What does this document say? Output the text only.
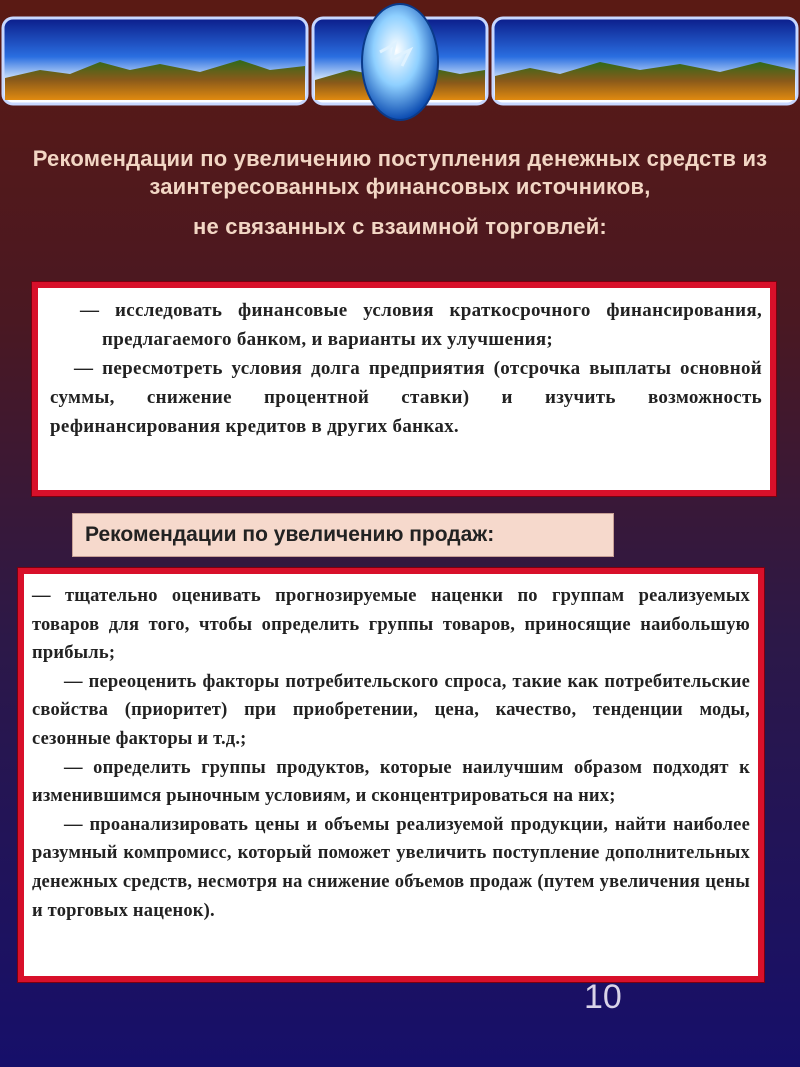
Рекомендации по увеличению поступления денежных средств из заинтересованных финансовых источников,
не связанных с взаимной торговлей:

— исследовать финансовые условия краткосрочного финансирования, предлагаемого банком, и варианты их улучшения;

— пересмотреть условия долга предприятия (отсрочка выплаты основной суммы, снижение процентной ставки) и изучить возможность рефинансирования кредитов в других банках.

Рекомендации по увеличению продаж:

— тщательно оценивать прогнозируемые наценки по группам реализуемых товаров для того, чтобы определить группы товаров, приносящие наибольшую прибыль;

— переоценить факторы потребительского спроса, такие как потребительские свойства (приоритет) при приобретении, цена, качество, тенденции моды, сезонные факторы и т.д.;

— определить группы продуктов, которые наилучшим образом подходят к изменившимся рыночным условиям, и сконцентрироваться на них;

— проанализировать цены и объемы реализуемой продукции, найти наиболее разумный компромисс, который поможет увеличить поступление дополнительных денежных средств, несмотря на снижение объемов продаж (путем увеличения цены и торговых наценок).

10
